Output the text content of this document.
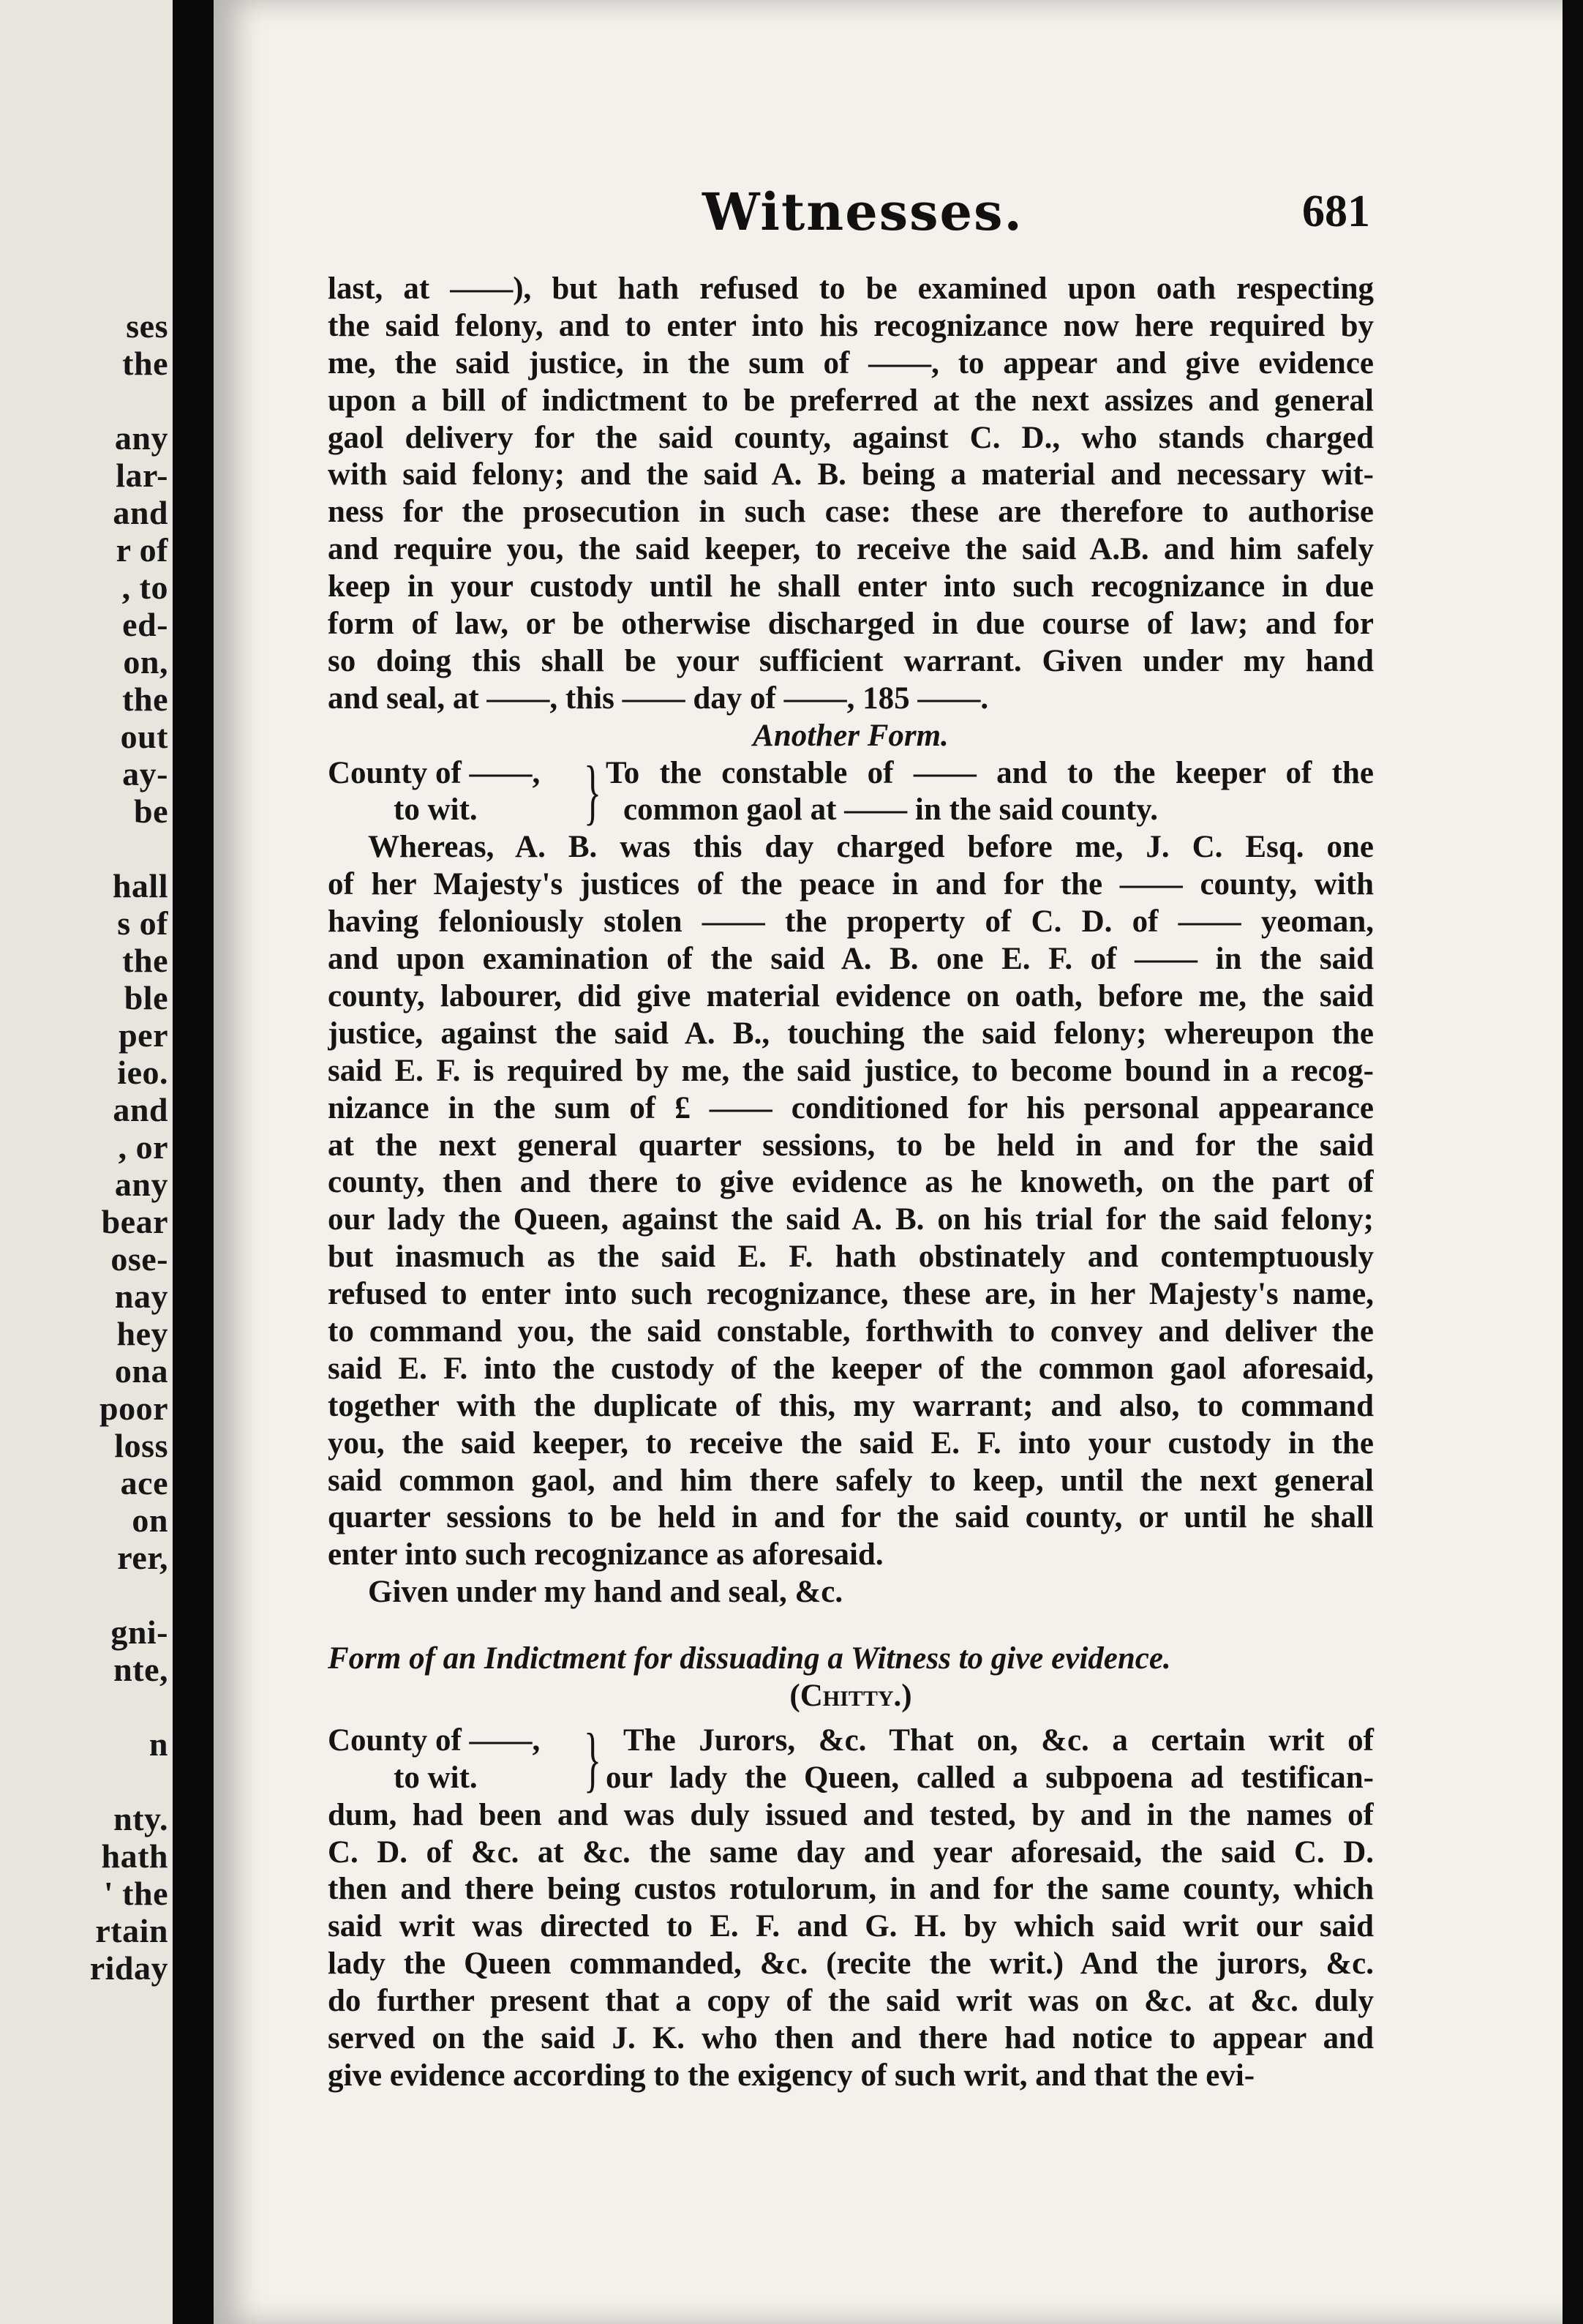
ses
the
any
lar-
and
r of
, to
ed-
on,
the
out
ay-
be
hall
s of
the
ble
per
ieo.
and
, or
any
bear
ose-
nay
hey
ona
poor
loss
ace
on
rer,
gni-
nte,
n
nty.
hath
' the
rtain
riday
Witnesses.	681
last, at ——), but hath refused to be examined upon oath respecting
the said felony, and to enter into his recognizance now here required by
me, the said justice, in the sum of ——, to appear and give evidence
upon a bill of indictment to be preferred at the next assizes and general
gaol delivery for the said county, against C. D., who stands charged
with said felony; and the said A. B. being a material and necessary wit-
ness for the prosecution in such case: these are therefore to authorise
and require you, the said keeper, to receive the said A.B. and him safely
keep in your custody until he shall enter into such recognizance in due
form of law, or be otherwise discharged in due course of law; and for
so doing this shall be your sufficient warrant. Given under my hand
and seal, at ——, this —— day of ——, 185 ——.
Another Form.
County of ——,
to wit.	} To the constable of —— and to the keeper of the
common gaol at —— in the said county.
Whereas, A. B. was this day charged before me, J. C. Esq. one
of her Majesty's justices of the peace in and for the —— county, with
having feloniously stolen —— the property of C. D. of —— yeoman,
and upon examination of the said A. B. one E. F. of —— in the said
county, labourer, did give material evidence on oath, before me, the said
justice, against the said A. B., touching the said felony; whereupon the
said E. F. is required by me, the said justice, to become bound in a recog-
nizance in the sum of £ —— conditioned for his personal appearance
at the next general quarter sessions, to be held in and for the said
county, then and there to give evidence as he knoweth, on the part of
our lady the Queen, against the said A. B. on his trial for the said felony;
but inasmuch as the said E. F. hath obstinately and contemptuously
refused to enter into such recognizance, these are, in her Majesty's name,
to command you, the said constable, forthwith to convey and deliver the
said E. F. into the custody of the keeper of the common gaol aforesaid,
together with the duplicate of this, my warrant; and also, to command
you, the said keeper, to receive the said E. F. into your custody in the
said common gaol, and him there safely to keep, until the next general
quarter sessions to be held in and for the said county, or until he shall
enter into such recognizance as aforesaid.
Given under my hand and seal, &c.
Form of an Indictment for dissuading a Witness to give evidence.
(Chitty.)
County of ——,
to wit.	} The Jurors, &c. That on, &c. a certain writ of
our lady the Queen, called a subpoena ad testifican-
dum, had been and was duly issued and tested, by and in the names of
C. D. of &c. at &c. the same day and year aforesaid, the said C. D.
then and there being custos rotulorum, in and for the same county, which
said writ was directed to E. F. and G. H. by which said writ our said
lady the Queen commanded, &c. (recite the writ.) And the jurors, &c.
do further present that a copy of the said writ was on &c. at &c. duly
served on the said J. K. who then and there had notice to appear and
give evidence according to the exigency of such writ, and that the evi-
